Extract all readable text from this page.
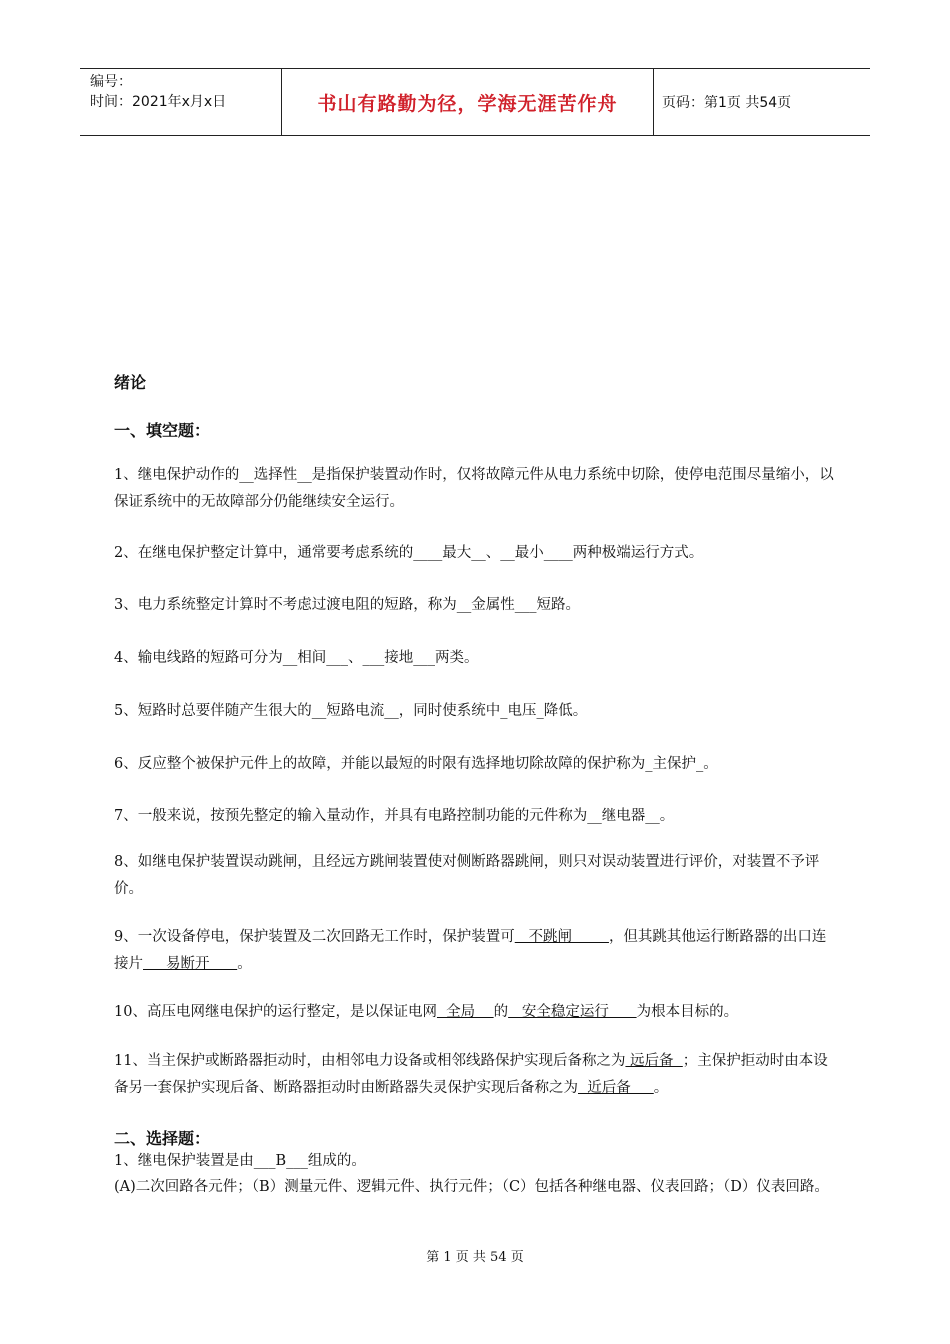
编号：
时间：2021年x月x日	书山有路勤为径，学海无涯苦作舟	页码：第1页 共54页
绪论
一、填空题：

1、继电保护动作的__选择性__是指保护装置动作时，仅将故障元件从电力系统中切除，使停电范围尽量缩小，以保证系统中的无故障部分仍能继续安全运行。

2、在继电保护整定计算中，通常要考虑系统的____最大__、__最小____两种极端运行方式。

3、电力系统整定计算时不考虑过渡电阻的短路，称为__金属性___短路。

4、输电线路的短路可分为__相间___、___接地___两类。

5、短路时总要伴随产生很大的__短路电流__，同时使系统中_电压_降低。

6、反应整个被保护元件上的故障，并能以最短的时限有选择地切除故障的保护称为_主保护_。

7、一般来说，按预先整定的输入量动作，并具有电路控制功能的元件称为__继电器__。

8、如继电保护装置误动跳闸，且经远方跳闸装置使对侧断路器跳闸，则只对误动装置进行评价，对装置不予评价。

9、一次设备停电，保护装置及二次回路无工作时，保护装置可   不跳闸        ，但其跳其他运行断路器的出口连接片     易断开      。

10、高压电网继电保护的运行整定，是以保证电网  全局    的   安全稳定运行      为根本目标的。

11、当主保护或断路器拒动时，由相邻电力设备或相邻线路保护实现后备称之为 远后备  ；主保护拒动时由本设备另一套保护实现后备、断路器拒动时由断路器失灵保护实现后备称之为  近后备     。

二、选择题：

1、继电保护装置是由___B___组成的。

(A)二次回路各元件；（B）测量元件、逻辑元件、执行元件；（C）包括各种继电器、仪表回路；（D）仪表回路。

第 1 页 共 54 页
